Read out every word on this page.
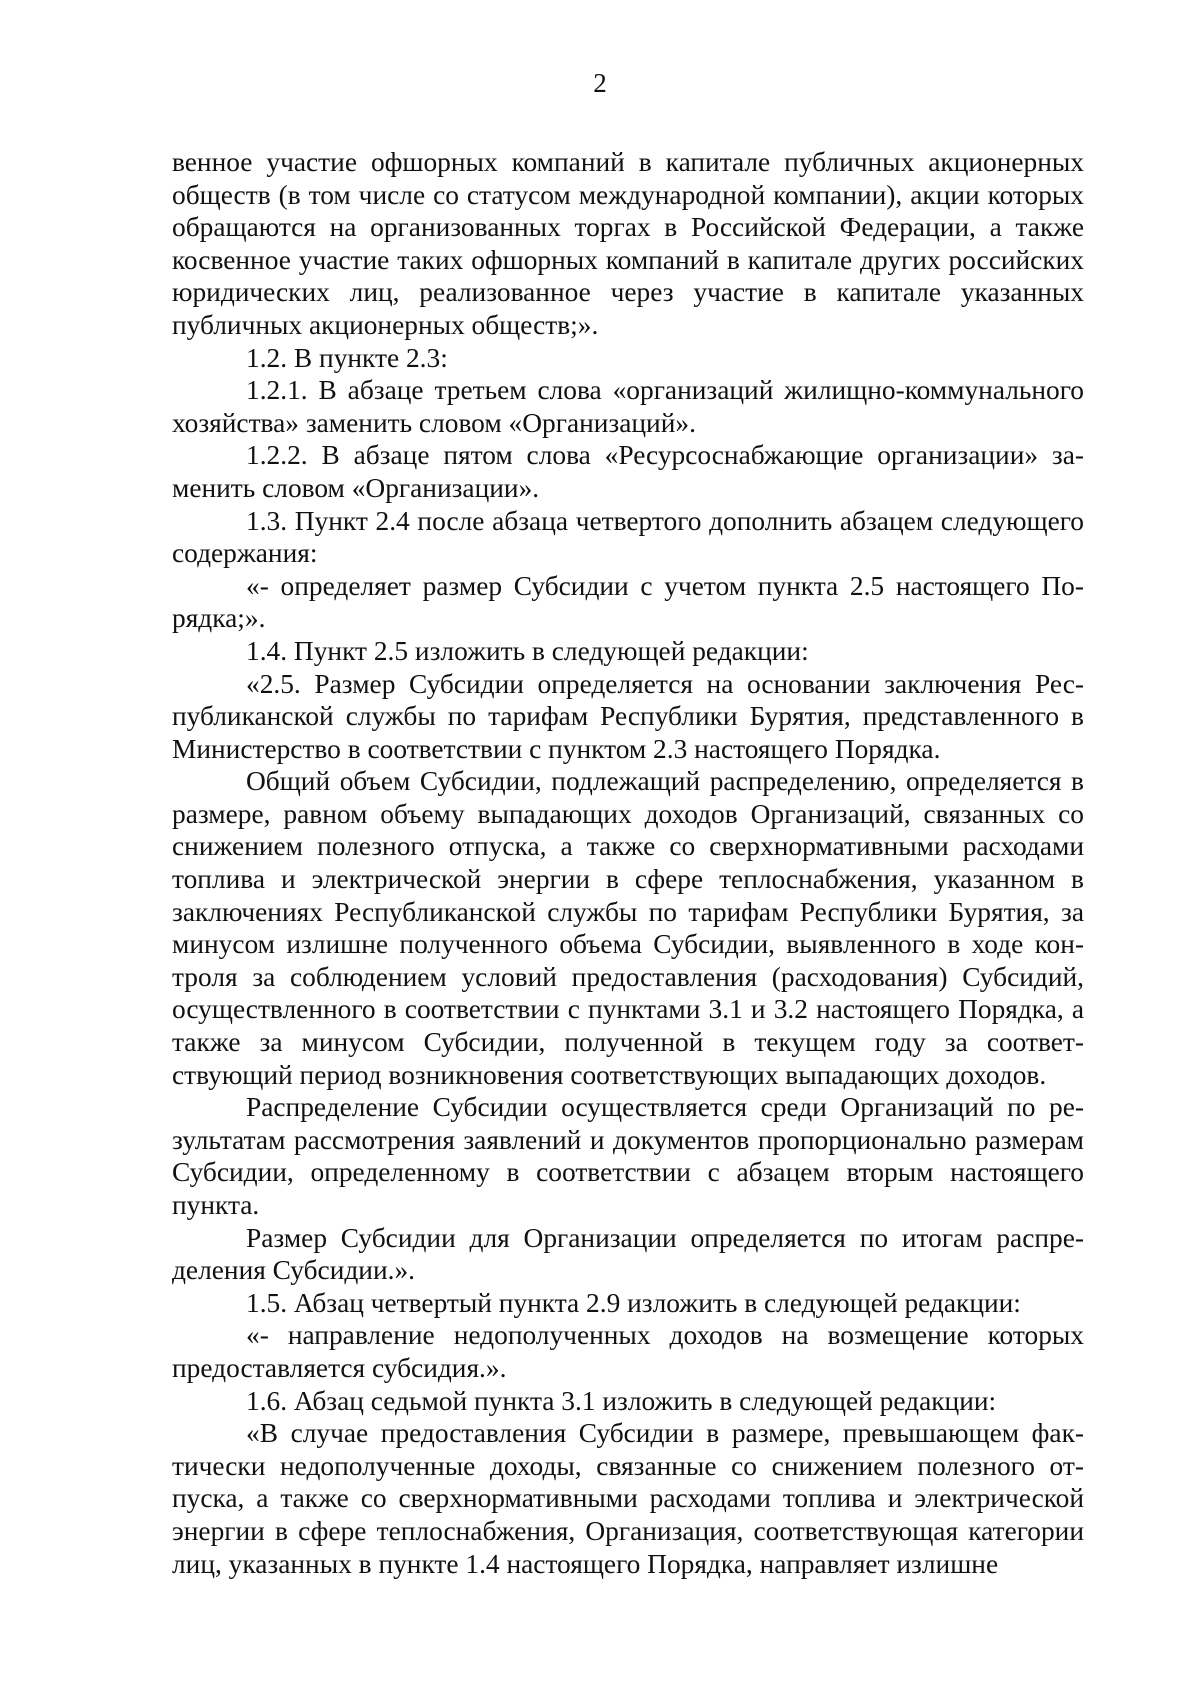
2

венное участие офшорных компаний в капитале публичных акционерных обществ (в том числе со статусом международной компании), акции которых обращаются на организованных торгах в Российской Федерации, а также косвенное участие таких офшорных компаний в капитале других российских юридических лиц, реализованное через участие в капитале указанных публичных акционерных обществ;».

1.2. В пункте 2.3:

1.2.1. В абзаце третьем слова «организаций жилищно-коммунального хозяйства» заменить словом «Организаций».

1.2.2. В абзаце пятом слова «Ресурсоснабжающие организации» заменить словом «Организации».

1.3. Пункт 2.4 после абзаца четвертого дополнить абзацем следующего содержания:

«- определяет размер Субсидии с учетом пункта 2.5 настоящего Порядка;».

1.4. Пункт 2.5 изложить в следующей редакции:

«2.5. Размер Субсидии определяется на основании заключения Республиканской службы по тарифам Республики Бурятия, представленного в Министерство в соответствии с пунктом 2.3 настоящего Порядка.

Общий объем Субсидии, подлежащий распределению, определяется в размере, равном объему выпадающих доходов Организаций, связанных со снижением полезного отпуска, а также со сверхнормативными расходами топлива и электрической энергии в сфере теплоснабжения, указанном в заключениях Республиканской службы по тарифам Республики Бурятия, за минусом излишне полученного объема Субсидии, выявленного в ходе контроля за соблюдением условий предоставления (расходования) Субсидий, осуществленного в соответствии с пунктами 3.1 и 3.2 настоящего Порядка, а также за минусом Субсидии, полученной в текущем году за соответствующий период возникновения соответствующих выпадающих доходов.

Распределение Субсидии осуществляется среди Организаций по результатам рассмотрения заявлений и документов пропорционально размерам Субсидии, определенному в соответствии с абзацем вторым настоящего пункта.

Размер Субсидии для Организации определяется по итогам распределения Субсидии.».

1.5. Абзац четвертый пункта 2.9 изложить в следующей редакции:

«- направление недополученных доходов на возмещение которых предоставляется субсидия.».

1.6. Абзац седьмой пункта 3.1 изложить в следующей редакции:

«В случае предоставления Субсидии в размере, превышающем фактически недополученные доходы, связанные со снижением полезного отпуска, а также со сверхнормативными расходами топлива и электрической энергии в сфере теплоснабжения, Организация, соответствующая категории лиц, указанных в пункте 1.4 настоящего Порядка, направляет излишне
